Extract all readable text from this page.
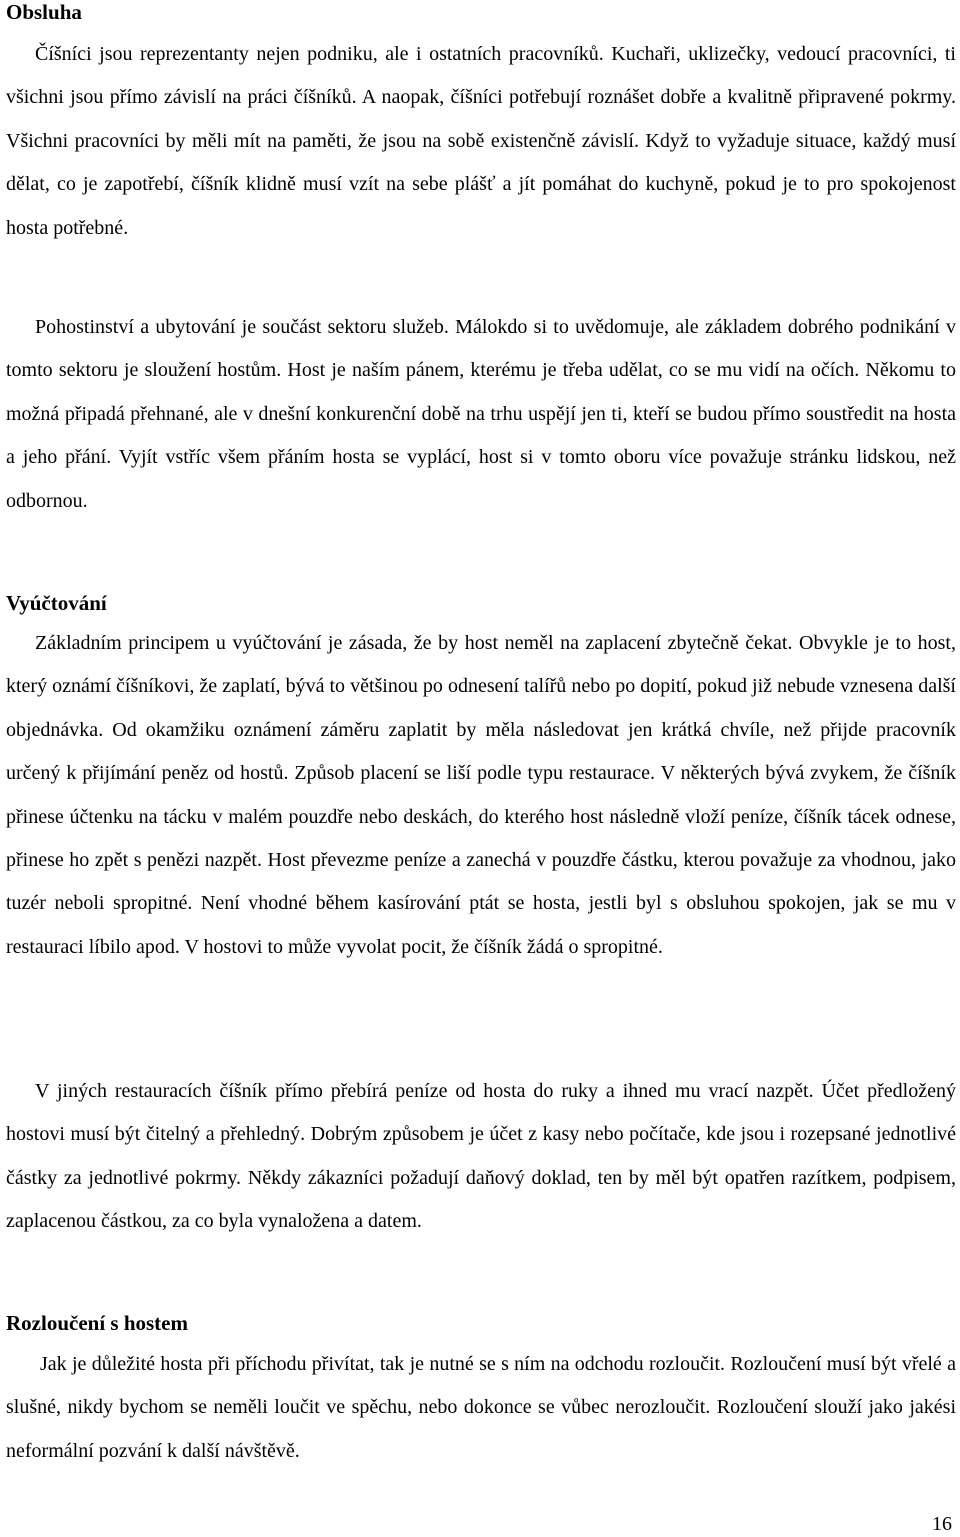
Obsluha

Číšníci jsou reprezentanty nejen podniku, ale i ostatních pracovníků. Kuchaři, uklizečky, vedoucí pracovníci, ti všichni jsou přímo závislí na práci číšníků. A naopak, číšníci potřebují roznášet dobře a kvalitně připravené pokrmy. Všichni pracovníci by měli mít na paměti, že jsou na sobě existenčně závislí. Když to vyžaduje situace, každý musí dělat, co je zapotřebí, číšník klidně musí vzít na sebe plášť a jít pomáhat do kuchyně, pokud je to pro spokojenost hosta potřebné.

Pohostinství a ubytování je součást sektoru služeb. Málokdo si to uvědomuje, ale základem dobrého podnikání v tomto sektoru je sloužení hostům. Host je naším pánem, kterému je třeba udělat, co se mu vidí na očích. Někomu to možná připadá přehnané, ale v dnešní konkurenční době na trhu uspějí jen ti, kteří se budou přímo soustředit na hosta a jeho přání. Vyjít vstříc všem přáním hosta se vyplácí, host si v tomto oboru více považuje stránku lidskou, než odbornou.

Vyúčtování

Základním principem u vyúčtování je zásada, že by host neměl na zaplacení zbytečně čekat. Obvykle je to host, který oznámí číšníkovi, že zaplatí, bývá to většinou po odnesení talířů nebo po dopití, pokud již nebude vznesena další objednávka. Od okamžiku oznámení záměru zaplatit by měla následovat jen krátká chvíle, než přijde pracovník určený k přijímání peněz od hostů. Způsob placení se liší podle typu restaurace. V některých bývá zvykem, že číšník přinese účtenku na tácku v malém pouzdře nebo deskách, do kterého host následně vloží peníze, číšník tácek odnese, přinese ho zpět s penězi nazpět. Host převezme peníze a zanechá v pouzdře částku, kterou považuje za vhodnou, jako tuzér neboli spropitné. Není vhodné během kasírování ptát se hosta, jestli byl s obsluhou spokojen, jak se mu v restauraci líbilo apod. V hostovi to může vyvolat pocit, že číšník žádá o spropitné.

V jiných restauracích číšník přímo přebírá peníze od hosta do ruky a ihned mu vrací nazpět. Účet předložený hostovi musí být čitelný a přehledný. Dobrým způsobem je účet z kasy nebo počítače, kde jsou i rozepsané jednotlivé částky za jednotlivé pokrmy. Někdy zákazníci požadují daňový doklad, ten by měl být opatřen razítkem, podpisem, zaplacenou částkou, za co byla vynaložena a datem.

Rozloučení s hostem

Jak je důležité hosta při příchodu přivítat, tak je nutné se s ním na odchodu rozloučit. Rozloučení musí být vřelé a slušné, nikdy bychom se neměli loučit ve spěchu, nebo dokonce se vůbec nerozloučit. Rozloučení slouží jako jakési neformální pozvání k další návštěvě.

16
